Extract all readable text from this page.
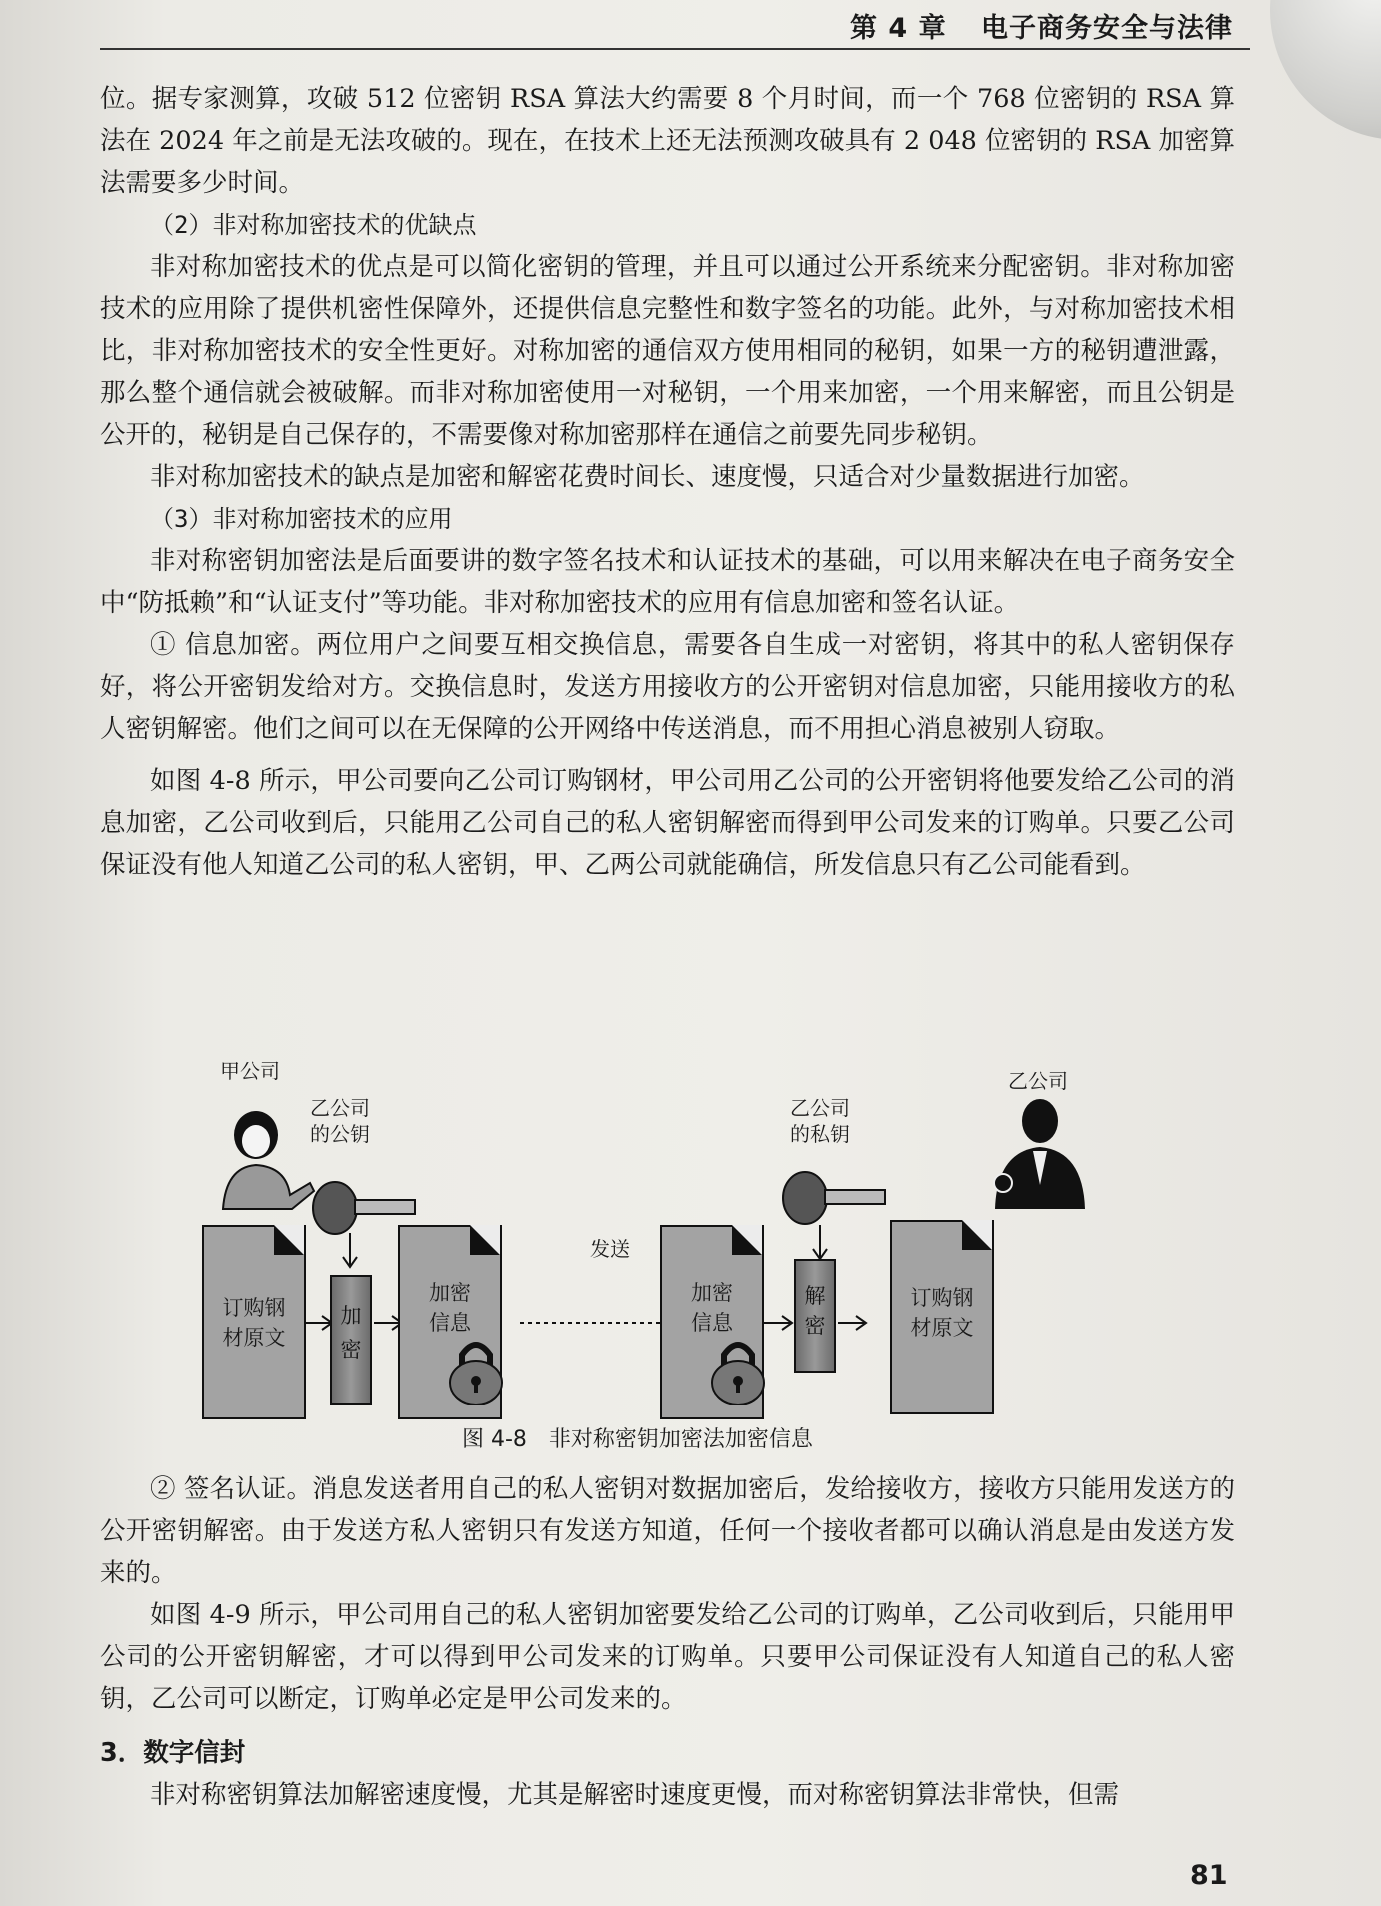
第 4 章 电子商务安全与法律

位。据专家测算，攻破 512 位密钥 RSA 算法大约需要 8 个月时间，而一个 768 位密钥的 RSA 算法在 2024 年之前是无法攻破的。现在，在技术上还无法预测攻破具有 2 048 位密钥的 RSA 加密算法需要多少时间。

（2）非对称加密技术的优缺点

非对称加密技术的优点是可以简化密钥的管理，并且可以通过公开系统来分配密钥。非对称加密技术的应用除了提供机密性保障外，还提供信息完整性和数字签名的功能。此外，与对称加密技术相比，非对称加密技术的安全性更好。对称加密的通信双方使用相同的秘钥，如果一方的秘钥遭泄露，那么整个通信就会被破解。而非对称加密使用一对秘钥，一个用来加密，一个用来解密，而且公钥是公开的，秘钥是自己保存的，不需要像对称加密那样在通信之前要先同步秘钥。

非对称加密技术的缺点是加密和解密花费时间长、速度慢，只适合对少量数据进行加密。

（3）非对称加密技术的应用

非对称密钥加密法是后面要讲的数字签名技术和认证技术的基础，可以用来解决在电子商务安全中“防抵赖”和“认证支付”等功能。非对称加密技术的应用有信息加密和签名认证。

① 信息加密。两位用户之间要互相交换信息，需要各自生成一对密钥，将其中的私人密钥保存好，将公开密钥发给对方。交换信息时，发送方用接收方的公开密钥对信息加密，只能用接收方的私人密钥解密。他们之间可以在无保障的公开网络中传送消息，而不用担心消息被别人窃取。

如图 4-8 所示，甲公司要向乙公司订购钢材，甲公司用乙公司的公开密钥将他要发给乙公司的消息加密，乙公司收到后，只能用乙公司自己的私人密钥解密而得到甲公司发来的订购单。只要乙公司保证没有他人知道乙公司的私人密钥，甲、乙两公司就能确信，所发信息只有乙公司能看到。

甲公司
乙公司
的公钥
订购钢
材原文
加
密
加密
信息
发送
加密
信息
乙公司
的私钥
解
密
乙公司
订购钢
材原文
图 4-8　非对称密钥加密法加密信息

② 签名认证。消息发送者用自己的私人密钥对数据加密后，发给接收方，接收方只能用发送方的公开密钥解密。由于发送方私人密钥只有发送方知道，任何一个接收者都可以确认消息是由发送方发来的。

如图 4-9 所示，甲公司用自己的私人密钥加密要发给乙公司的订购单，乙公司收到后，只能用甲公司的公开密钥解密，才可以得到甲公司发来的订购单。只要甲公司保证没有人知道自己的私人密钥，乙公司可以断定，订购单必定是甲公司发来的。

3．数字信封

非对称密钥算法加解密速度慢，尤其是解密时速度更慢，而对称密钥算法非常快，但需

81
